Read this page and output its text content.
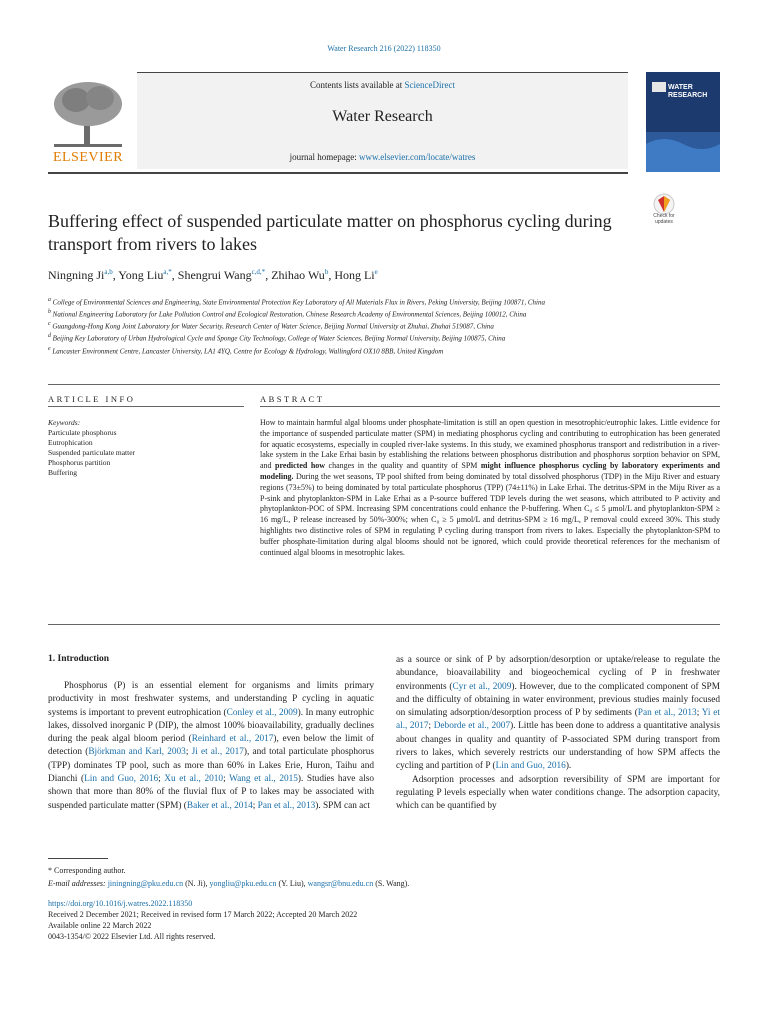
Water Research 216 (2022) 118350
ELSEVIER
Contents lists available at ScienceDirect
Water Research
journal homepage: www.elsevier.com/locate/watres
WATER RESEARCH
Check for updates
Buffering effect of suspended particulate matter on phosphorus cycling during transport from rivers to lakes
Ningning Ji$^{a,b}$, Yong Liu$^{a,*}$, Shengrui Wang$^{c,d,*}$, Zhihao Wu$^b$, Hong Li$^e$
$^a$ College of Environmental Sciences and Engineering, State Environmental Protection Key Laboratory of All Materials Flux in Rivers, Peking University, Beijing 100871, China
$^b$ National Engineering Laboratory for Lake Pollution Control and Ecological Restoration, Chinese Research Academy of Environmental Sciences, Beijing 100012, China
$^c$ Guangdong-Hong Kong Joint Laboratory for Water Security, Research Center of Water Science, Beijing Normal University at Zhuhai, Zhuhai 519087, China
$^d$ Beijing Key Laboratory of Urban Hydrological Cycle and Sponge City Technology, College of Water Sciences, Beijing Normal University, Beijing 100875, China
$^e$ Lancaster Environment Centre, Lancaster University, LA1 4YQ, Centre for Ecology & Hydrology, Wallingford OX10 8BB, United Kingdom
ARTICLE INFO	ABSTRACT
Keywords:
Particulate phosphorus
Eutrophication
Suspended particulate matter
Phosphorus partition
Buffering
How to maintain harmful algal blooms under phosphate-limitation is still an open question in mesotrophic/eutrophic lakes. Little evidence for the importance of suspended particulate matter (SPM) in mediating phosphorus cycling and contributing to eutrophication has been generated for aquatic ecosystems, especially in coupled river-lake systems. In this study, we examined phosphorus transport and redistribution in a river-lake system in the Lake Erhai basin by establishing the relations between phosphorus distribution and phosphorus sorption behavior on SPM, and predicted how changes in the quality and quantity of SPM might influence phosphorus cycling by laboratory experiments and modeling. During the wet seasons, TP pool shifted from being dominated by total dissolved phosphorus (TDP) in the Miju River and estuary regions (73±5%) to being dominated by total particulate phosphorus (TPP) (74±11%) in Lake Erhai. The detritus-SPM in the Miju River as a P-sink and phytoplankton-SPM in Lake Erhai as a P-source buffered TDP levels during the wet seasons, which attributed to P activity and phytoplankton-POC of SPM. Increasing SPM concentrations could enhance the P-buffering. When C₀ ≤ 5 μmol/L and phytoplankton-SPM ≥ 16 mg/L, P release increased by 50%-300%; when C₀ ≥ 5 μmol/L and detritus-SPM ≥ 16 mg/L, P removal could exceed 30%. This study highlights two distinctive roles of SPM in regulating P cycling during transport from rivers to lakes. Especially the phytoplankton-SPM to buffer phosphate-limitation during algal blooms should not be ignored, which could provide theoretical references for the mechanism of continued algal blooms in mesotrophic lakes.
1. Introduction

Phosphorus (P) is an essential element for organisms and limits primary productivity in most freshwater systems, and understanding P cycling in aquatic systems is important to prevent eutrophication (Conley et al., 2009). In many eutrophic lakes, dissolved inorganic P (DIP), the almost 100% bioavailability, gradually declines during the peak algal bloom period (Reinhard et al., 2017), even below the limit of detection (Björkman and Karl, 2003; Ji et al., 2017), and total particulate phosphorus (TPP) dominates TP pool, such as more than 60% in Lakes Erie, Huron, Taihu and Dianchi (Lin and Guo, 2016; Xu et al., 2010; Wang et al., 2015). Studies have also shown that more than 80% of the fluvial flux of P to lakes may be associated with suspended particulate matter (SPM) (Baker et al., 2014; Pan et al., 2013). SPM can act

as a source or sink of P by adsorption/desorption or uptake/release to regulate the abundance, bioavailability and biogeochemical cycling of P in freshwater environments (Cyr et al., 2009). However, due to the complicated component of SPM and the difficulty of obtaining in water environment, previous studies mainly focused on simulating adsorption/desorption process of P by sediments (Pan et al., 2013; Yi et al., 2017; Deborde et al., 2007). Little has been done to address a quantitative analysis about changes in quality and quantity of P-associated SPM during transport from rivers to lakes, which severely restricts our understanding of how SPM affects the cycling and partition of P (Lin and Guo, 2016).

Adsorption processes and adsorption reversibility of SPM are important for regulating P levels especially when water conditions change. The adsorption capacity, which can be quantified by

* Corresponding author.
E-mail addresses: jiningning@pku.edu.cn (N. Ji), yongliu@pku.edu.cn (Y. Liu), wangsr@bnu.edu.cn (S. Wang).
https://doi.org/10.1016/j.watres.2022.118350
Received 2 December 2021; Received in revised form 17 March 2022; Accepted 20 March 2022
Available online 22 March 2022
0043-1354/© 2022 Elsevier Ltd. All rights reserved.
